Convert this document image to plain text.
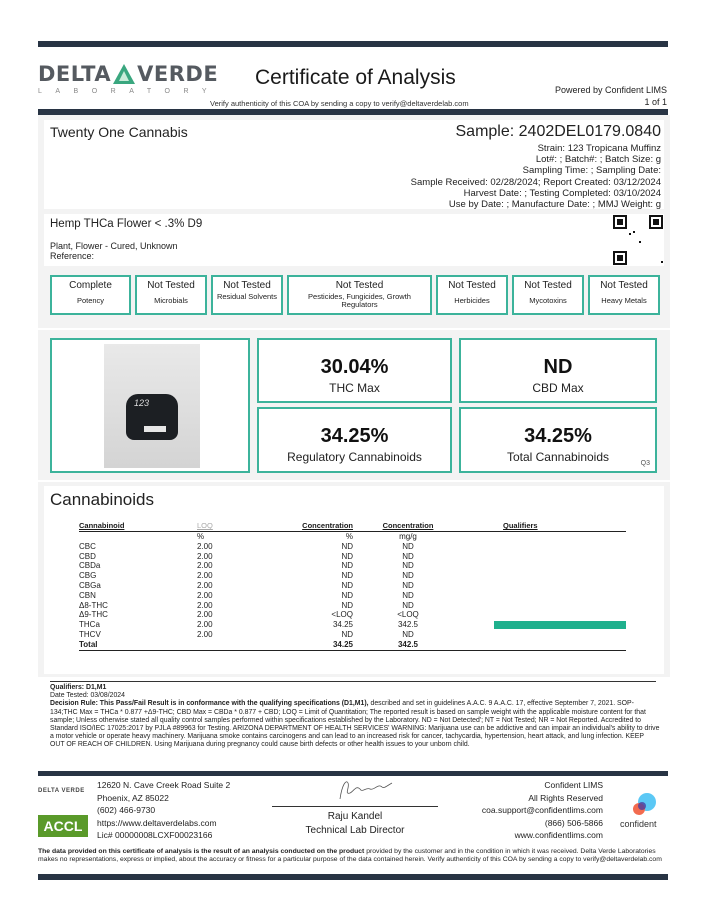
DELTA VERDE
LABORATORY
Certificate of Analysis
Verify authenticity of this COA by sending a copy to verify@deltaverdelab.com
Powered by Confident LIMS
1 of 1
Twenty One Cannabis	Sample: 2402DEL0179.0840
Strain: 123 Tropicana Muffinz
Lot#: ; Batch#: ; Batch Size: g
Sampling Time: ; Sampling Date:
Sample Received: 02/28/2024; Report Created: 03/12/2024
Harvest Date: ; Testing Completed: 03/10/2024
Use by Date: ; Manufacture Date: ; MMJ Weight: g
Hemp THCa Flower < .3% D9
Plant, Flower - Cured, Unknown
Reference:
Complete
Potency
Not Tested
Microbials
Not Tested
Residual Solvents
Not Tested
Pesticides, Fungicides, Growth Regulators
Not Tested
Herbicides
Not Tested
Mycotoxins
Not Tested
Heavy Metals
123
30.04%
THC Max
ND
CBD Max
34.25%
Regulatory Cannabinoids
34.25%
Total Cannabinoids	Q3
Cannabinoids
Cannabinoid	LOQ	Concentration	Concentration	Qualifiers
	%	%	mg/g	
CBC	2.00	ND	ND	
CBD	2.00	ND	ND	
CBDa	2.00	ND	ND	
CBG	2.00	ND	ND	
CBGa	2.00	ND	ND	
CBN	2.00	ND	ND	
Δ8-THC	2.00	ND	ND	
Δ9-THC	2.00	<LOQ	<LOQ	
THCa	2.00	34.25	342.5	

THCV	2.00	ND	ND	
Total		34.25	342.5	
Qualifiers: D1,M1
Date Tested: 03/08/2024
Decision Rule: This Pass/Fail Result is in conformance with the qualifying specifications (D1,M1), described and set in guidelines A.A.C. 9 A.A.C. 17, effective September 7, 2021. SOP-134;THC Max = THCa * 0.877 +Δ9-THC; CBD Max = CBDa * 0.877 + CBD; LOQ = Limit of Quantitation; The reported result is based on sample weight with the applicable moisture content for that sample; Unless otherwise stated all quality control samples performed within specifications established by the Laboratory. ND = Not Detected'; NT = Not Tested; NR = Not Reported. Accredited to Standard ISO/IEC 17025:2017 by PJLA #89963 for Testing. ARIZONA DEPARTMENT OF HEALTH SERVICES' WARNING: Marijuana use can be addictive and can impair an individual's ability to drive a motor vehicle or operate heavy machinery. Marijuana smoke contains carcinogens and can lead to an increased risk for cancer, tachycardia, hypertension, heart attack, and lung infection. KEEP OUT OF REACH OF CHILDREN. Using Marijuana during pregnancy could cause birth defects or other health issues to your unborn child.
DELTA VERDE
ACCL
12620 N. Cave Creek Road Suite 2
Phoenix, AZ 85022
(602) 466-9730
https://www.deltaverdelabs.com
Lic# 00000008LCXF00023166
Raju Kandel
Technical Lab Director
Confident LIMS
All Rights Reserved
coa.support@confidentlims.com
(866) 506-5866
www.confidentlims.com
confident
The data provided on this certificate of analysis is the result of an analysis conducted on the product provided by the customer and in the condition in which it was received. Delta Verde Laboratories makes no representations, express or implied, about the accuracy or fitness for a particular purpose of the data contained herein. Verify authenticity of this COA by sending a copy to verify@deltaverdelab.com
